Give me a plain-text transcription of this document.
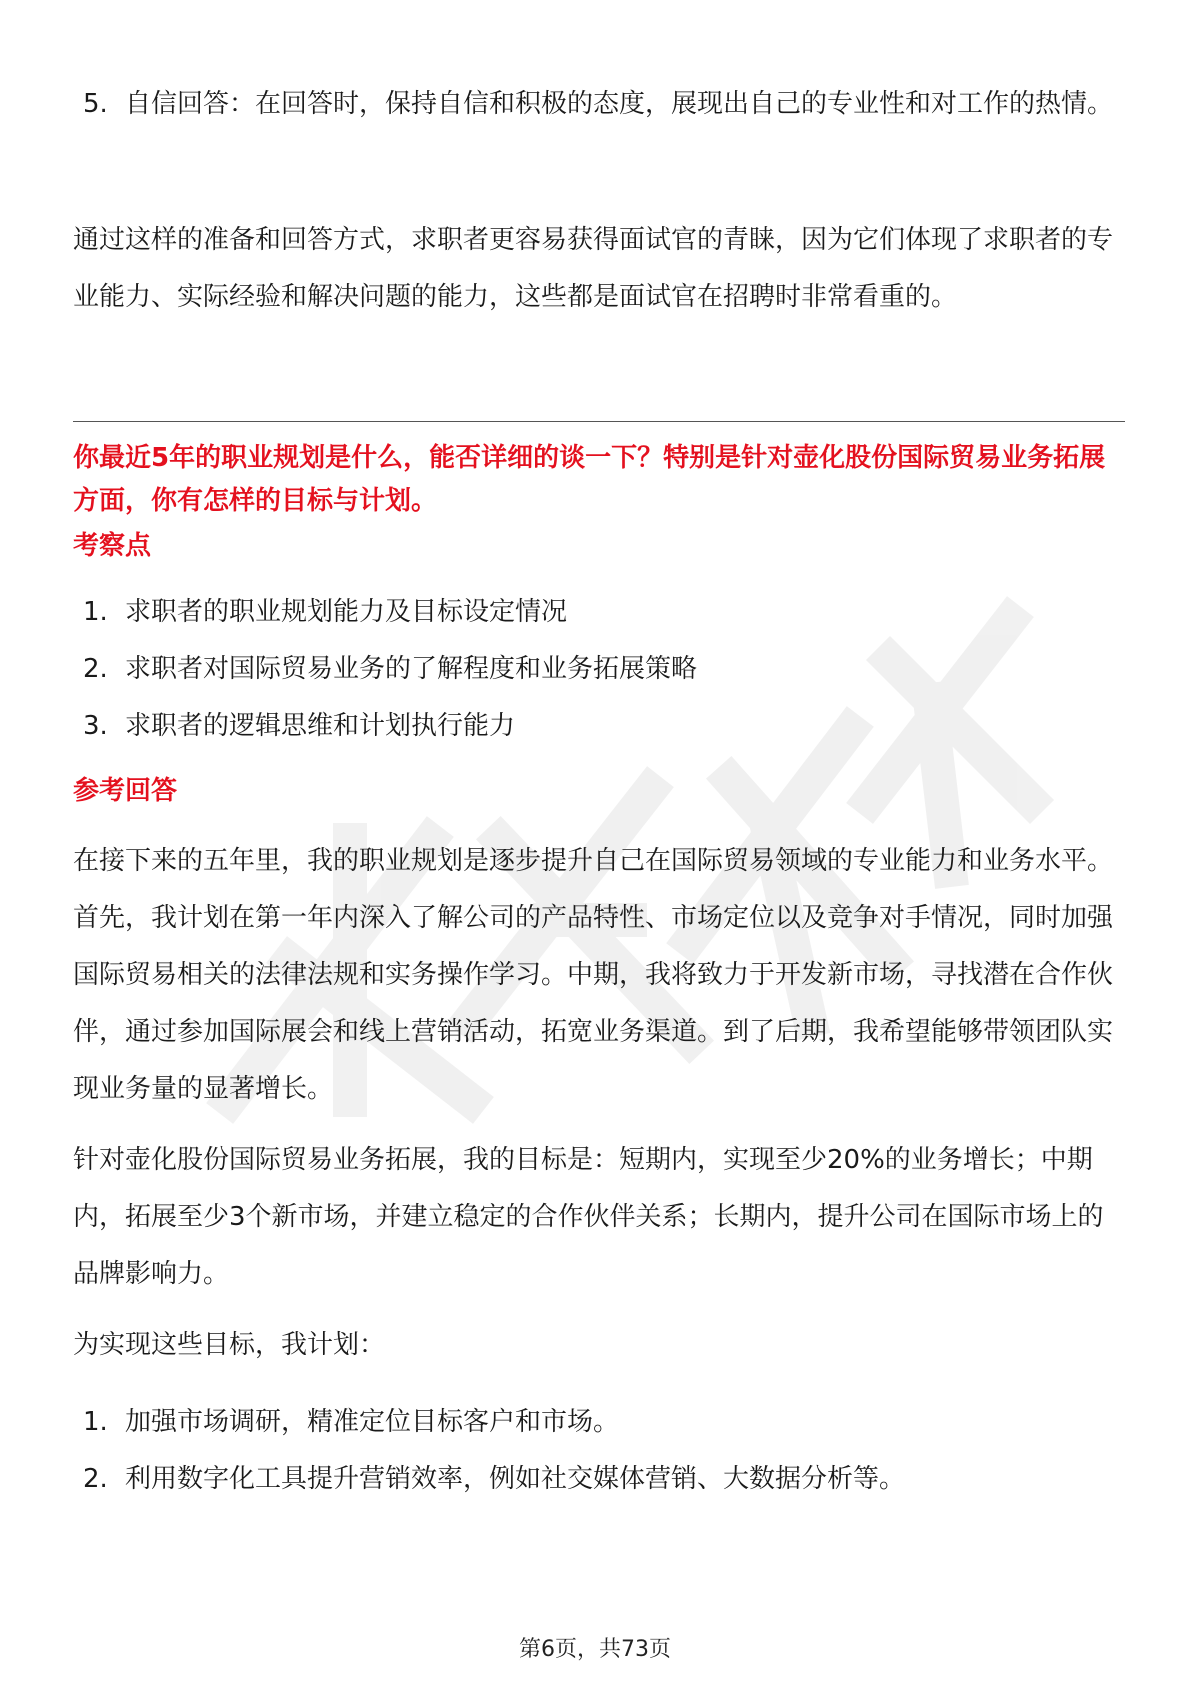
5. 自信回答：在回答时，保持自信和积极的态度，展现出自己的专业性和对工作的热情。

通过这样的准备和回答方式，求职者更容易获得面试官的青睐，因为它们体现了求职者的专业能力、实际经验和解决问题的能力，这些都是面试官在招聘时非常看重的。

你最近5年的职业规划是什么，能否详细的谈一下？特别是针对壶化股份国际贸易业务拓展方面，你有怎样的目标与计划。

考察点

1. 求职者的职业规划能力及目标设定情况
2. 求职者对国际贸易业务的了解程度和业务拓展策略
3. 求职者的逻辑思维和计划执行能力

参考回答

在接下来的五年里，我的职业规划是逐步提升自己在国际贸易领域的专业能力和业务水平。首先，我计划在第一年内深入了解公司的产品特性、市场定位以及竞争对手情况，同时加强国际贸易相关的法律法规和实务操作学习。中期，我将致力于开发新市场，寻找潜在合作伙伴，通过参加国际展会和线上营销活动，拓宽业务渠道。到了后期，我希望能够带领团队实现业务量的显著增长。

针对壶化股份国际贸易业务拓展，我的目标是：短期内，实现至少20%的业务增长；中期内，拓展至少3个新市场，并建立稳定的合作伙伴关系；长期内，提升公司在国际市场上的品牌影响力。

为实现这些目标，我计划：

1. 加强市场调研，精准定位目标客户和市场。
2. 利用数字化工具提升营销效率，例如社交媒体营销、大数据分析等。
第6页，共73页
